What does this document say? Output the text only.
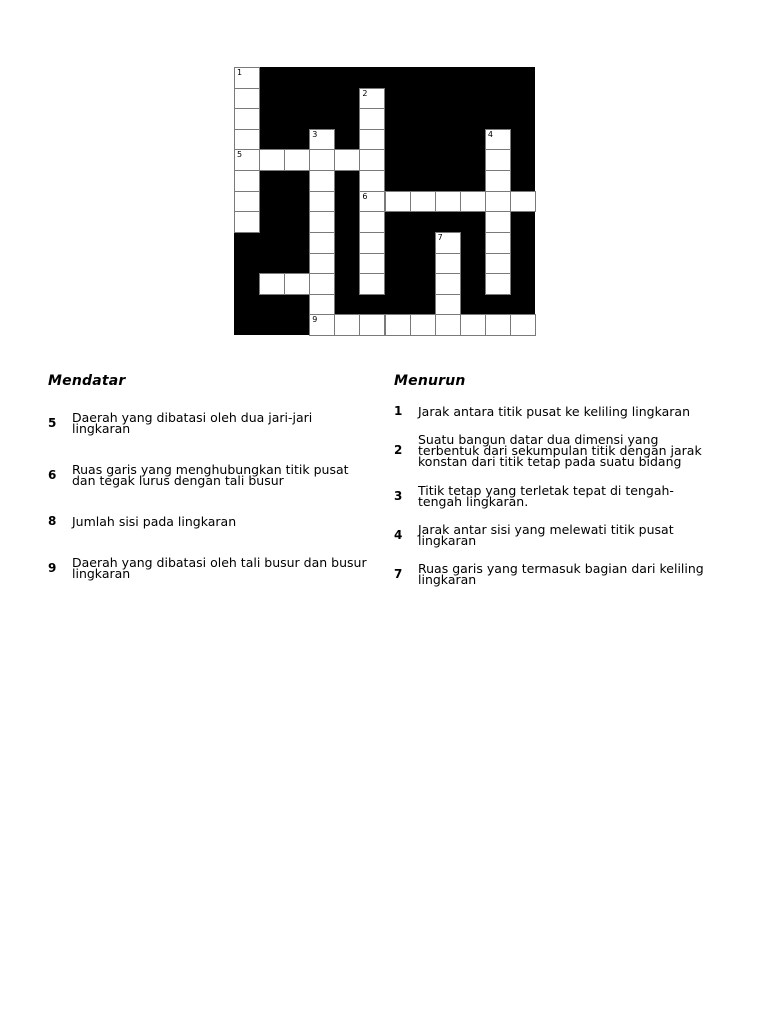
1
5
2
6
3
9
4
7
Mendatar	Menurun
5	Daerah yang dibatasi oleh dua jari-jari lingkaran
6	Ruas garis yang menghubungkan titik pusat dan tegak lurus dengan tali busur
8	Jumlah sisi pada lingkaran
9	Daerah yang dibatasi oleh tali busur dan busur lingkaran
1	Jarak antara titik pusat ke keliling lingkaran
2
Suatu bangun datar dua dimensi yang terbentuk dari sekumpulan titik dengan jarak konstan dari titik tetap pada suatu bidang
3	Titik tetap yang terletak tepat di tengah-tengah lingkaran.
4	Jarak antar sisi yang melewati titik pusat lingkaran
7	Ruas garis yang termasuk bagian dari keliling lingkaran
